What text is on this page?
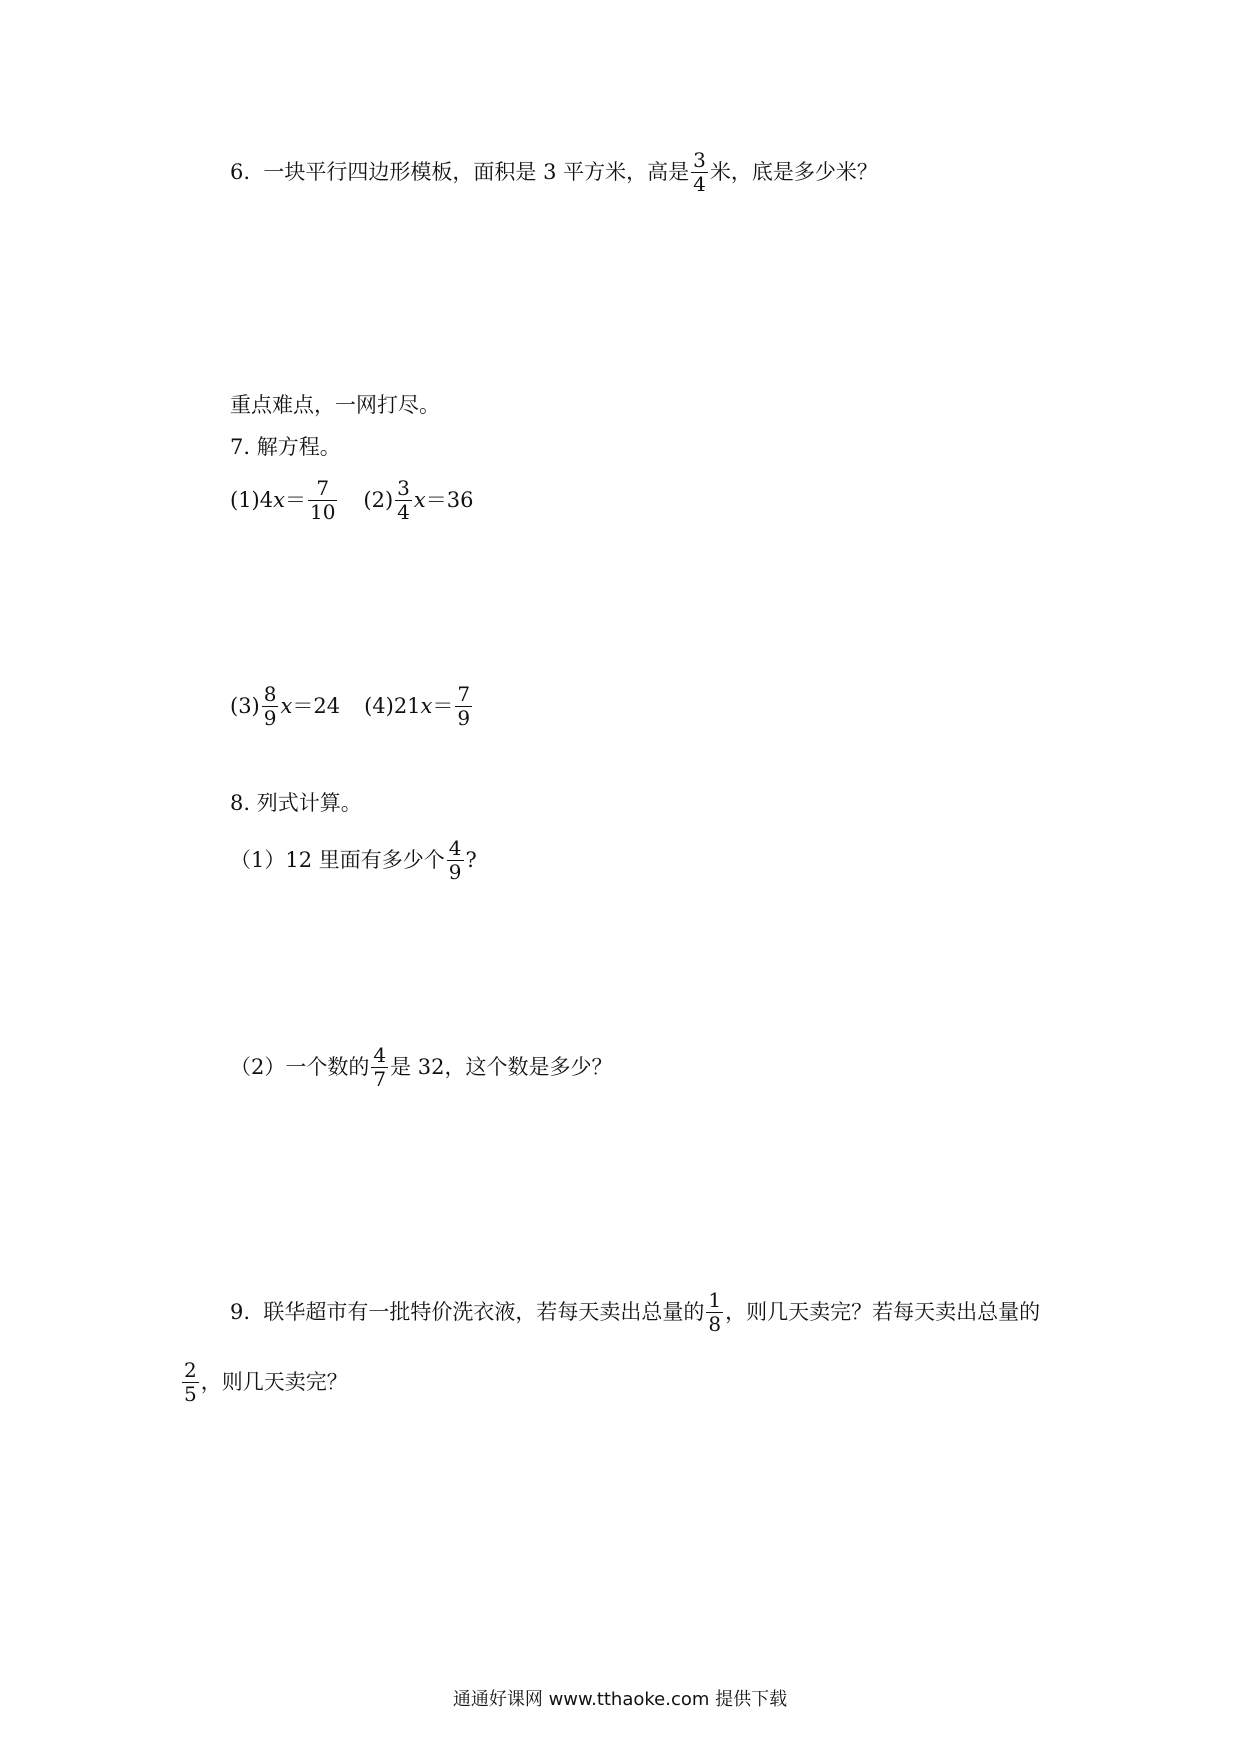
6.
一块平行四边形模板，面积是 3 平方米，高是 $\frac{3}{4}$ 米，底是多少米？
重点难点，一网打尽。
7. 解方程。
(1) 4 $x = \frac{7}{10} (2) \frac{3}{4}$ x ＝36
$(3) \frac{8}{9}$ x ＝24 (4) 21 $x = \frac{7}{9}$
8. 列式计算。
（1） 12 里面有多少个 $\frac{4}{9}$ ?
（2） 一个数的 $\frac{4}{7}$ 是 32，这个数是多少？
9.
联华超市有一批特价洗衣液，若每天卖出总量的 $\frac{1}{8}$ ，则几天卖完？若每天卖出总量的
$\frac{2}{5}$ ，则几天卖完？
通通好课网 www.tthaoke.com 提供下载
